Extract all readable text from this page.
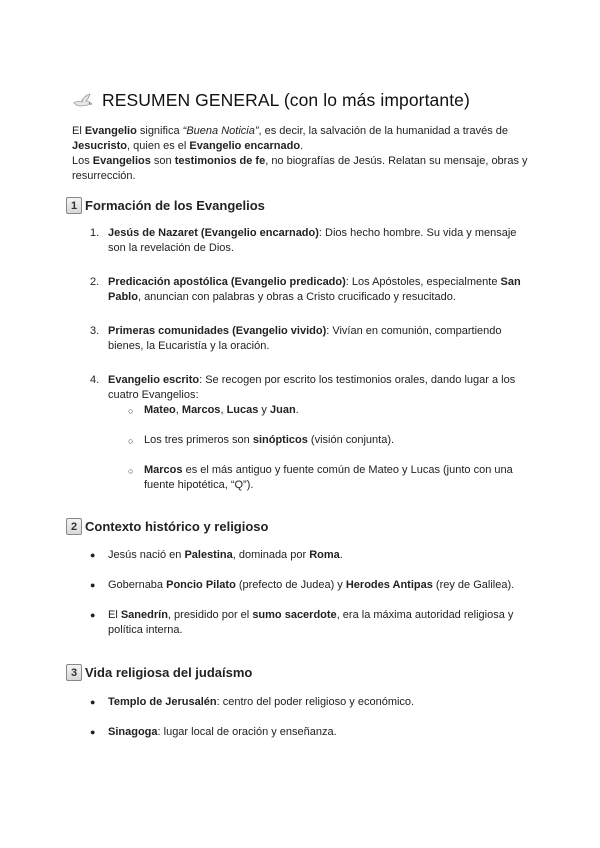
RESUMEN GENERAL (con lo más importante)

El Evangelio significa “Buena Noticia”, es decir, la salvación de la humanidad a través de Jesucristo, quien es el Evangelio encarnado.

Los Evangelios son testimonios de fe, no biografías de Jesús. Relatan su mensaje, obras y resurrección.

1 Formación de los Evangelios
1. Jesús de Nazaret (Evangelio encarnado): Dios hecho hombre. Su vida y mensaje son la revelación de Dios.
2. Predicación apostólica (Evangelio predicado): Los Apóstoles, especialmente San Pablo, anuncian con palabras y obras a Cristo crucificado y resucitado.
3. Primeras comunidades (Evangelio vivido): Vivían en comunión, compartiendo bienes, la Eucaristía y la oración.
4. Evangelio escrito: Se recogen por escrito los testimonios orales, dando lugar a los cuatro Evangelios:
○ Mateo, Marcos, Lucas y Juan.
○ Los tres primeros son sinópticos (visión conjunta).
○ Marcos es el más antiguo y fuente común de Mateo y Lucas (junto con una fuente hipotética, “Q”).
2 Contexto histórico y religioso
● Jesús nació en Palestina, dominada por Roma.
● Gobernaba Poncio Pilato (prefecto de Judea) y Herodes Antipas (rey de Galilea).
● El Sanedrín, presidido por el sumo sacerdote, era la máxima autoridad religiosa y política interna.
3 Vida religiosa del judaísmo
● Templo de Jerusalén: centro del poder religioso y económico.
● Sinagoga: lugar local de oración y enseñanza.
